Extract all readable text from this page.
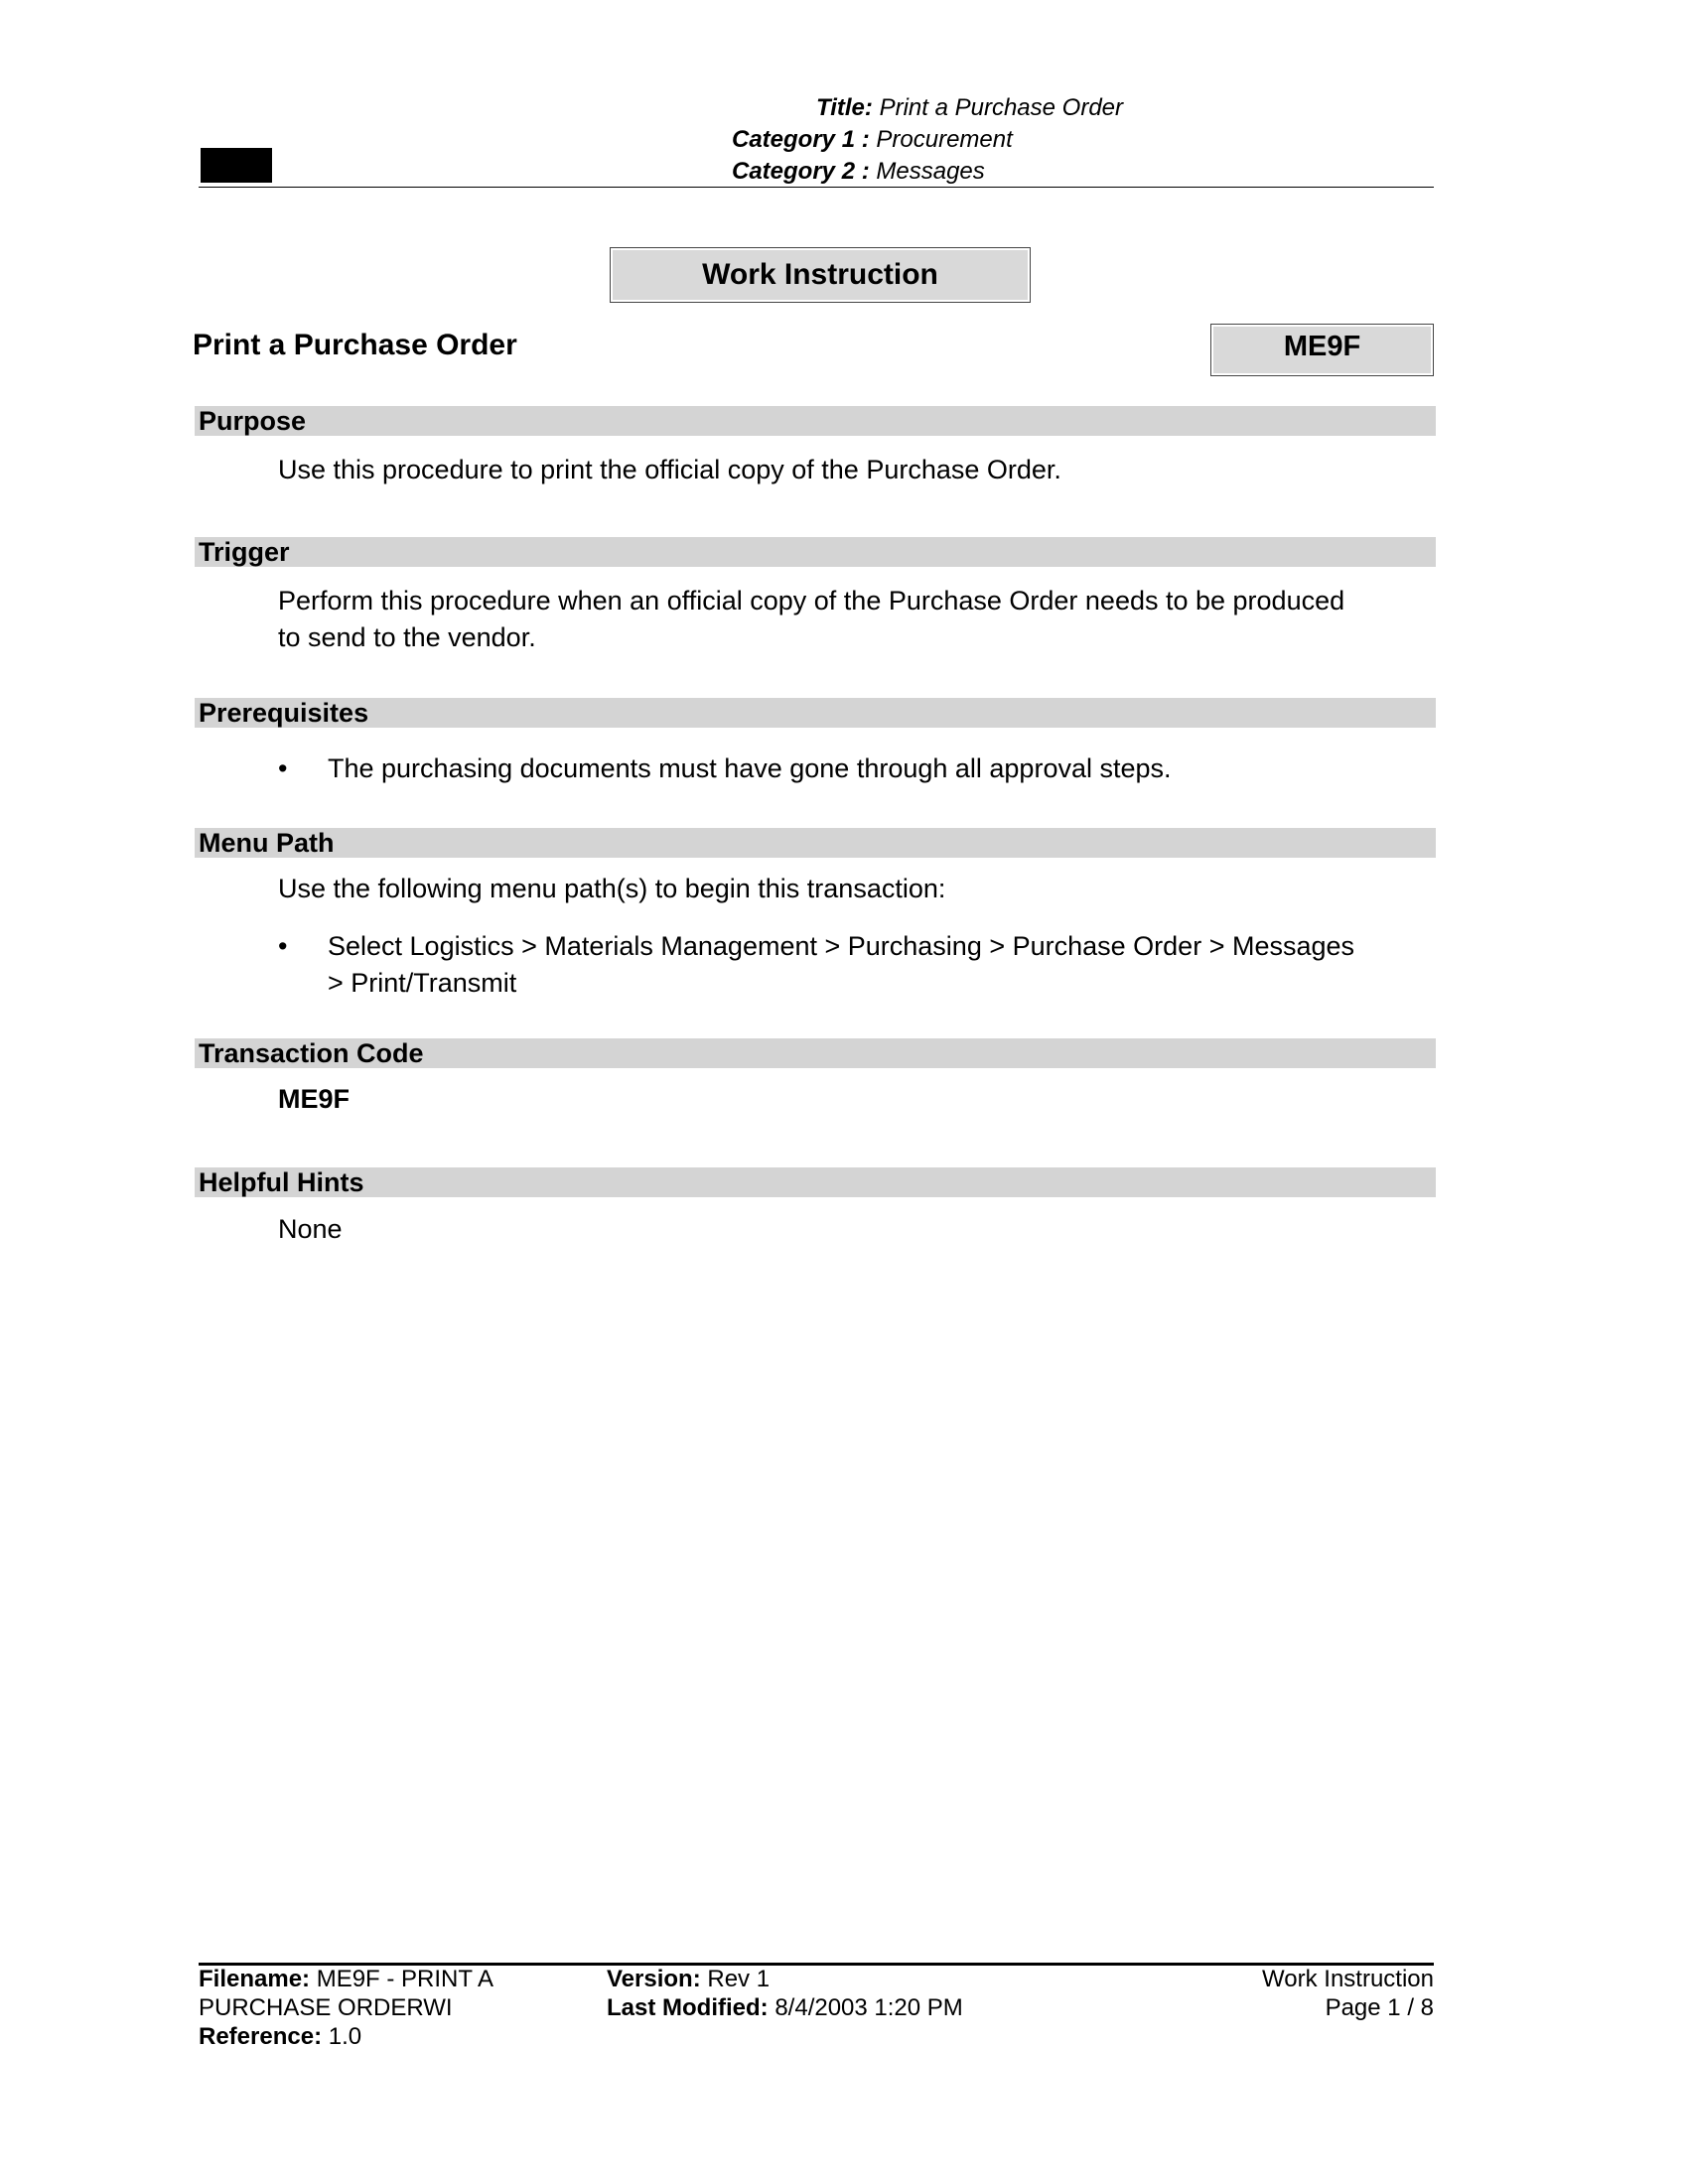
Title: Print a Purchase Order
Category 1 : Procurement
Category 2 : Messages
Work Instruction
Print a Purchase Order	ME9F
Purpose
Use this procedure to print the official copy of the Purchase Order.
Trigger
Perform this procedure when an official copy of the Purchase Order needs to be produced
to send to the vendor.
Prerequisites
• The purchasing documents must have gone through all approval steps.
Menu Path
Use the following menu path(s) to begin this transaction:
• Select Logistics > Materials Management > Purchasing > Purchase Order > Messages
> Print/Transmit
Transaction Code
ME9F
Helpful Hints
None
Filename: ME9F - PRINT A
PURCHASE ORDERWI
Reference: 1.0
Version: Rev 1
Last Modified: 8/4/2003 1:20 PM
Work Instruction
Page 1 / 8
